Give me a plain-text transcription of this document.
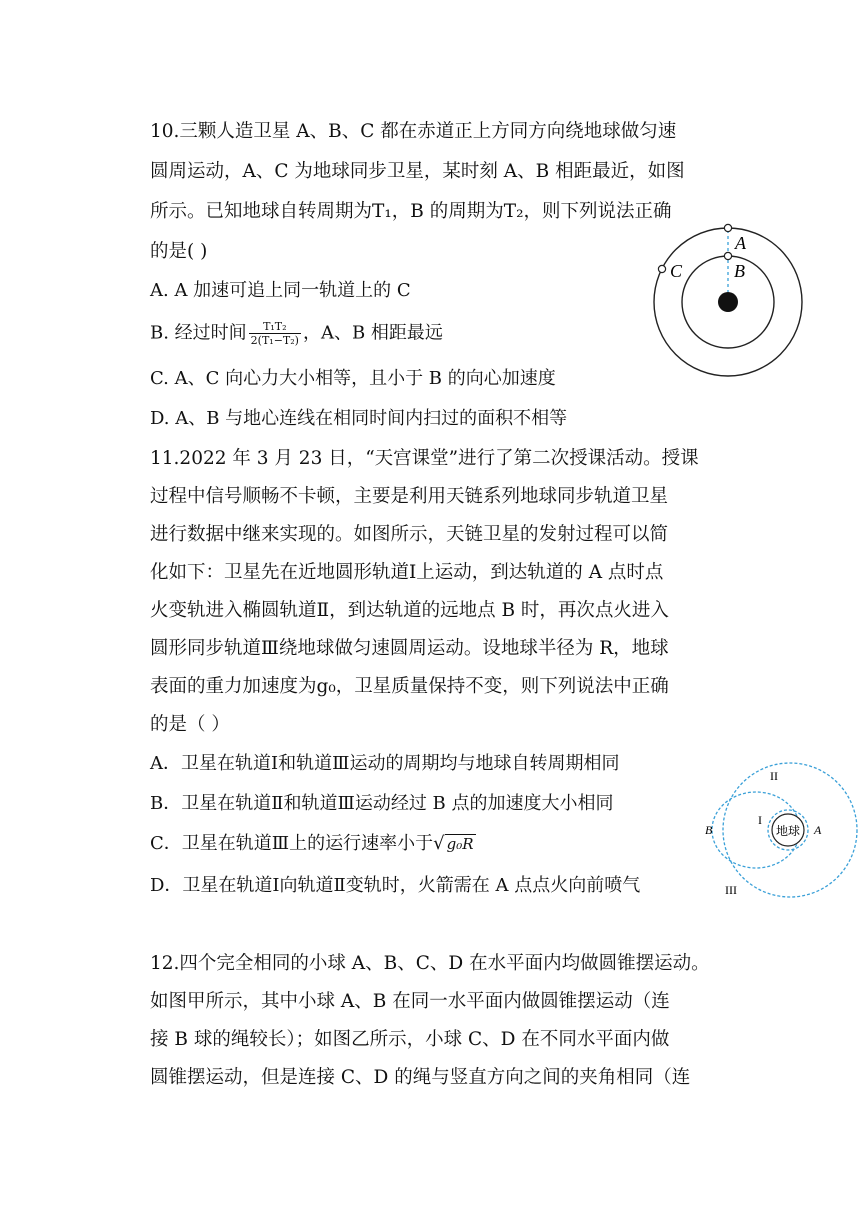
10.三颗人造卫星 A、B、C 都在赤道正上方同方向绕地球做匀速
圆周运动，A、C 为地球同步卫星，某时刻 A、B 相距最近，如图
所示。已知地球自转周期为T₁，B 的周期为T₂，则下列说法正确
的是( )
A. A 加速可追上同一轨道上的 C
B. 经过时间 $\frac{\text{T₁T₂}}{\text{2(T₁−T₂)}}$ ，A、B 相距最远
C. A、C 向心力大小相等，且小于 B 的向心加速度
D. A、B 与地心连线在相同时间内扫过的面积不相等
A
B
C
11.2022 年 3 月 23 日，“天宫课堂”进行了第二次授课活动。授课
过程中信号顺畅不卡顿，主要是利用天链系列地球同步轨道卫星
进行数据中继来实现的。如图所示，天链卫星的发射过程可以简
化如下：卫星先在近地圆形轨道Ⅰ上运动，到达轨道的 A 点时点
火变轨进入椭圆轨道Ⅱ，到达轨道的远地点 B 时，再次点火进入
圆形同步轨道Ⅲ绕地球做匀速圆周运动。设地球半径为 R，地球
表面的重力加速度为g₀，卫星质量保持不变，则下列说法中正确
的是（ ）
A．卫星在轨道Ⅰ和轨道Ⅲ运动的周期均与地球自转周期相同
B．卫星在轨道Ⅱ和轨道Ⅲ运动经过 B 点的加速度大小相同
C．卫星在轨道Ⅲ上的运行速率小于√ g₀R
D．卫星在轨道Ⅰ向轨道Ⅱ变轨时，火箭需在 A 点点火向前喷气
地球
II
I
III
B	A
12.四个完全相同的小球 A、B、C、D 在水平面内均做圆锥摆运动。
如图甲所示，其中小球 A、B 在同一水平面内做圆锥摆运动（连
接 B 球的绳较长）；如图乙所示，小球 C、D 在不同水平面内做
圆锥摆运动，但是连接 C、D 的绳与竖直方向之间的夹角相同（连
